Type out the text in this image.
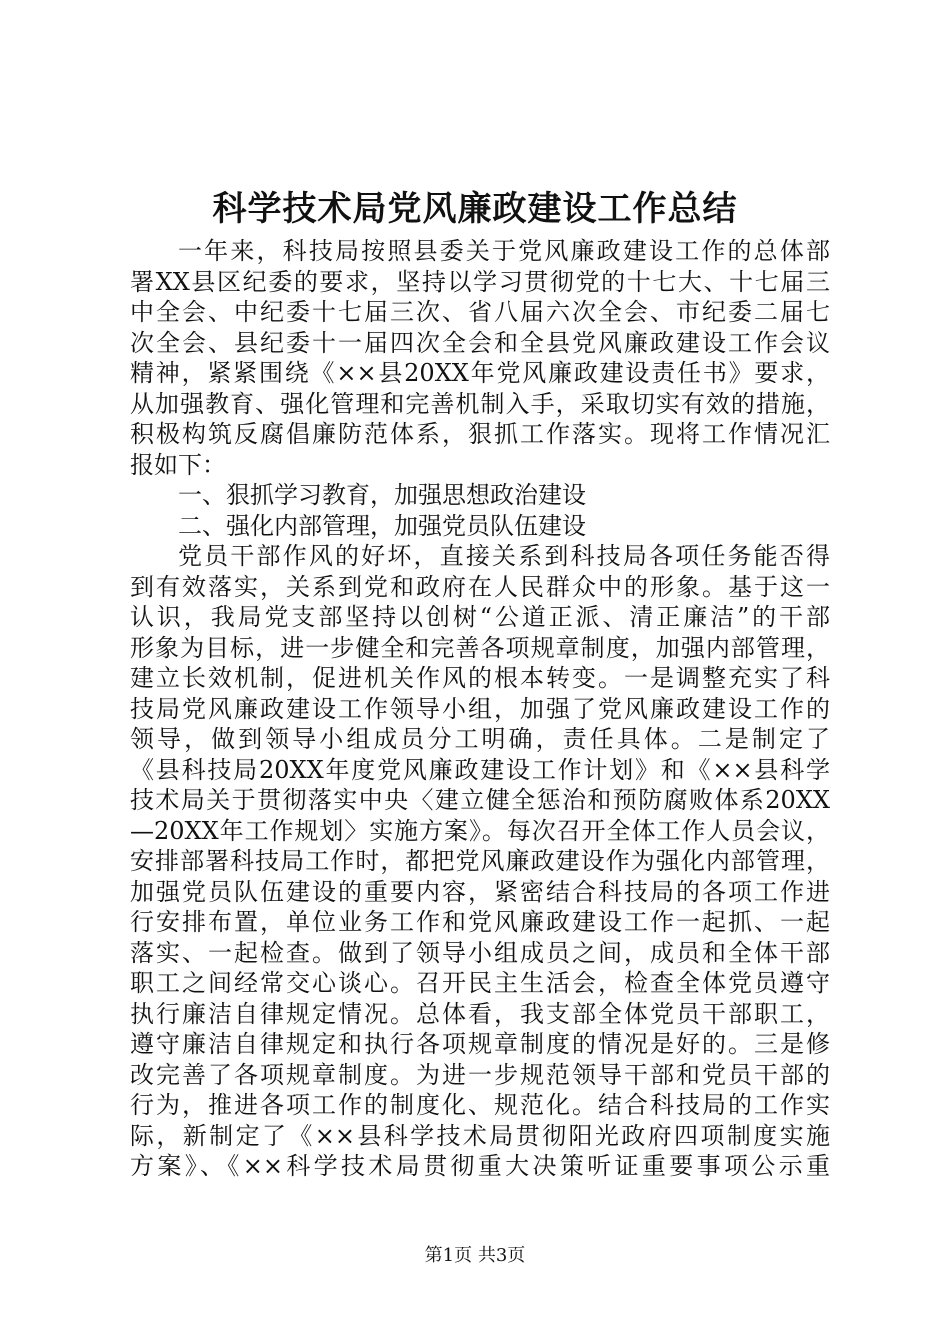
科学技术局党风廉政建设工作总结
一年来，科技局按照县委关于党风廉政建设工作的总体部
署XX县区纪委的要求，坚持以学习贯彻党的十七大、十七届三
中全会、中纪委十七届三次、省八届六次全会、市纪委二届七
次全会、县纪委十一届四次全会和全县党风廉政建设工作会议
精神，紧紧围绕《××县20XX年党风廉政建设责任书》要求，
从加强教育、强化管理和完善机制入手，采取切实有效的措施，
积极构筑反腐倡廉防范体系，狠抓工作落实。现将工作情况汇
报如下：
一、狠抓学习教育，加强思想政治建设
二、强化内部管理，加强党员队伍建设
党员干部作风的好坏，直接关系到科技局各项任务能否得
到有效落实，关系到党和政府在人民群众中的形象。基于这一
认识，我局党支部坚持以创树“公道正派、清正廉洁”的干部
形象为目标，进一步健全和完善各项规章制度，加强内部管理，
建立长效机制，促进机关作风的根本转变。一是调整充实了科
技局党风廉政建设工作领导小组，加强了党风廉政建设工作的
领导，做到领导小组成员分工明确，责任具体。二是制定了
《县科技局20XX年度党风廉政建设工作计划》和《××县科学
技术局关于贯彻落实中央〈建立健全惩治和预防腐败体系20XX
—20XX年工作规划〉实施方案》。每次召开全体工作人员会议，
安排部署科技局工作时，都把党风廉政建设作为强化内部管理，
加强党员队伍建设的重要内容，紧密结合科技局的各项工作进
行安排布置，单位业务工作和党风廉政建设工作一起抓、一起
落实、一起检查。做到了领导小组成员之间，成员和全体干部
职工之间经常交心谈心。召开民主生活会，检查全体党员遵守
执行廉洁自律规定情况。总体看，我支部全体党员干部职工，
遵守廉洁自律规定和执行各项规章制度的情况是好的。三是修
改完善了各项规章制度。为进一步规范领导干部和党员干部的
行为，推进各项工作的制度化、规范化。结合科技局的工作实
际，新制定了《××县科学技术局贯彻阳光政府四项制度实施
方案》、《××科学技术局贯彻重大决策听证重要事项公示重
第1页 共3页
